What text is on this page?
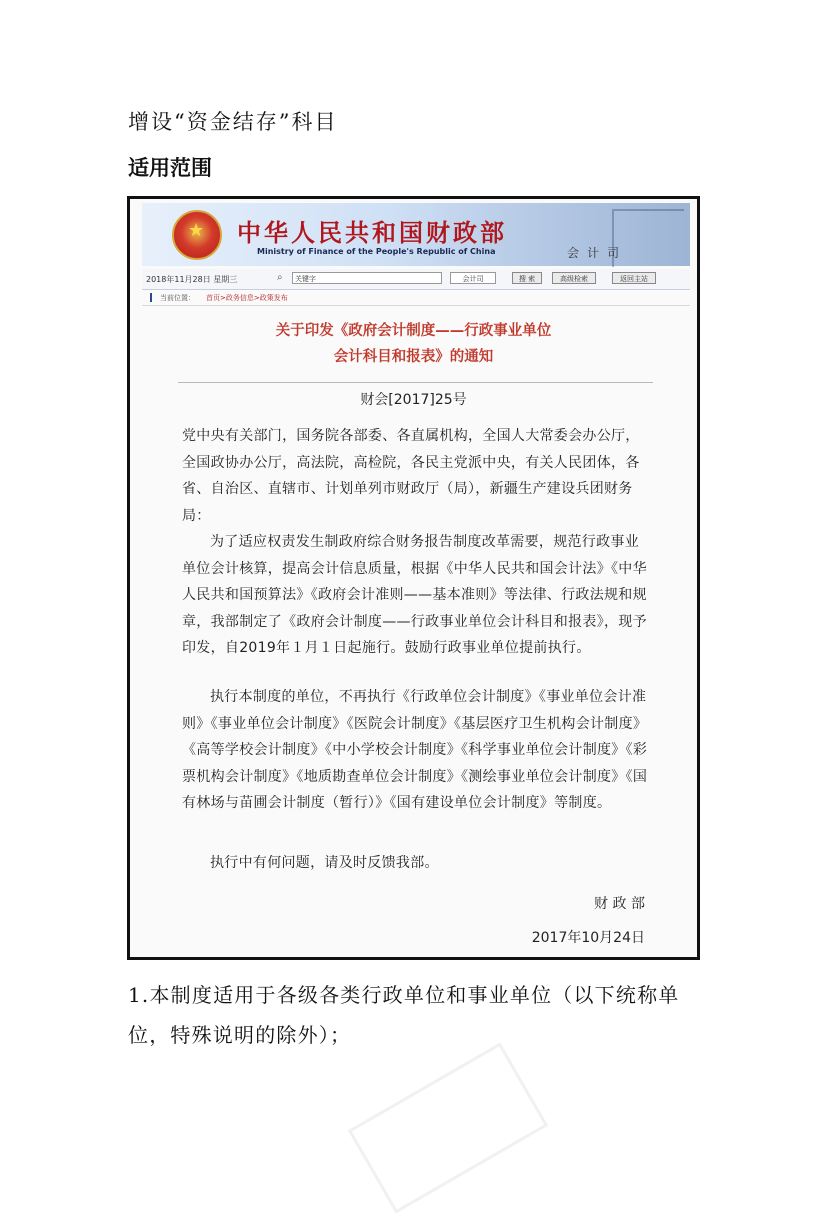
增设“资金结存”科目
适用范围
★ 中华人民共和国财政部
Ministry of Finance of the People's Republic of China	会计司
2018年11月28日 星期三	⌕	关键字	会计司	搜 索	高级检索	返回主站
当前位置： 首页>政务信息>政策发布
关于印发《政府会计制度——行政事业单位
会计科目和报表》的通知
财会[2017]25号
党中央有关部门，国务院各部委、各直属机构，全国人大常委会办公厅，全国政协办公厅，高法院，高检院，各民主党派中央，有关人民团体，各省、自治区、直辖市、计划单列市财政厅（局），新疆生产建设兵团财务局：
为了适应权责发生制政府综合财务报告制度改革需要，规范行政事业单位会计核算，提高会计信息质量，根据《中华人民共和国会计法》《中华人民共和国预算法》《政府会计准则——基本准则》等法律、行政法规和规章，我部制定了《政府会计制度——行政事业单位会计科目和报表》，现予印发，自2019年１月１日起施行。鼓励行政事业单位提前执行。
执行本制度的单位，不再执行《行政单位会计制度》《事业单位会计准则》《事业单位会计制度》《医院会计制度》《基层医疗卫生机构会计制度》《高等学校会计制度》《中小学校会计制度》《科学事业单位会计制度》《彩票机构会计制度》《地质勘查单位会计制度》《测绘事业单位会计制度》《国有林场与苗圃会计制度（暂行）》《国有建设单位会计制度》等制度。
执行中有何问题，请及时反馈我部。
财 政 部
2017年10月24日
1.本制度适用于各级各类行政单位和事业单位（以下统称单位，特殊说明的除外）；
